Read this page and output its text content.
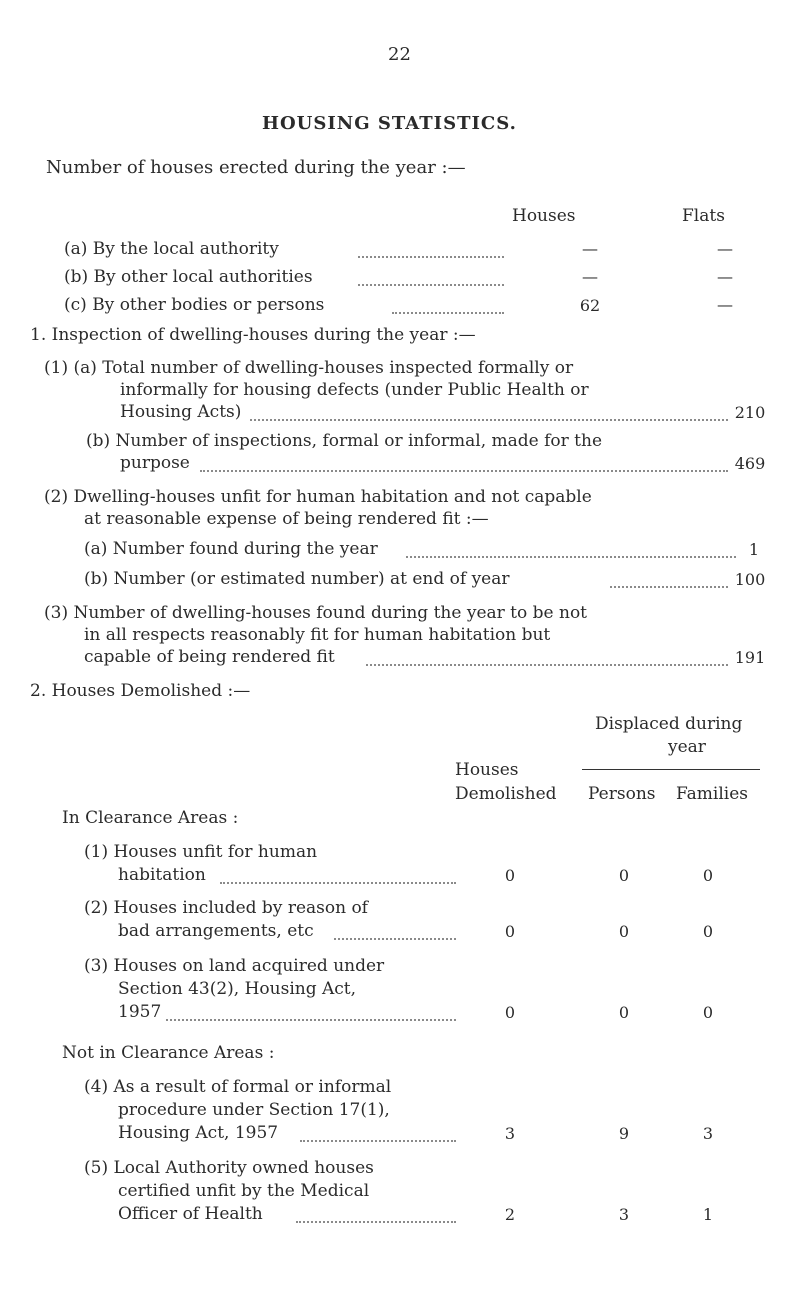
22
HOUSING STATISTICS.
Number of houses erected during the year :—
Houses	Flats
(a) By the local authority	—	—
(b) By other local authorities	—	—
(c) By other bodies or persons	62	—
1. Inspection of dwelling-houses during the year :—
(1) (a) Total number of dwelling-houses inspected formally or
informally for housing defects (under Public Health or
Housing Acts)	210
(b) Number of inspections, formal or informal, made for the
purpose	469
(2) Dwelling-houses unfit for human habitation and not capable
at reasonable expense of being rendered fit :—
(a) Number found during the year	1
(b) Number (or estimated number) at end of year	100
(3) Number of dwelling-houses found during the year to be not
in all respects reasonably fit for human habitation but
capable of being rendered fit	191
2. Houses Demolished :—
Displaced during
year
Houses
Demolished Persons Families
In Clearance Areas :
(1) Houses unfit for human
habitation	0	0	0
(2) Houses included by reason of
bad arrangements, etc	0	0	0
(3) Houses on land acquired under
Section 43(2), Housing Act,
1957	0	0	0
Not in Clearance Areas :
(4) As a result of formal or informal
procedure under Section 17(1),
Housing Act, 1957	3	9	3
(5) Local Authority owned houses
certified unfit by the Medical
Officer of Health	2	3	1
